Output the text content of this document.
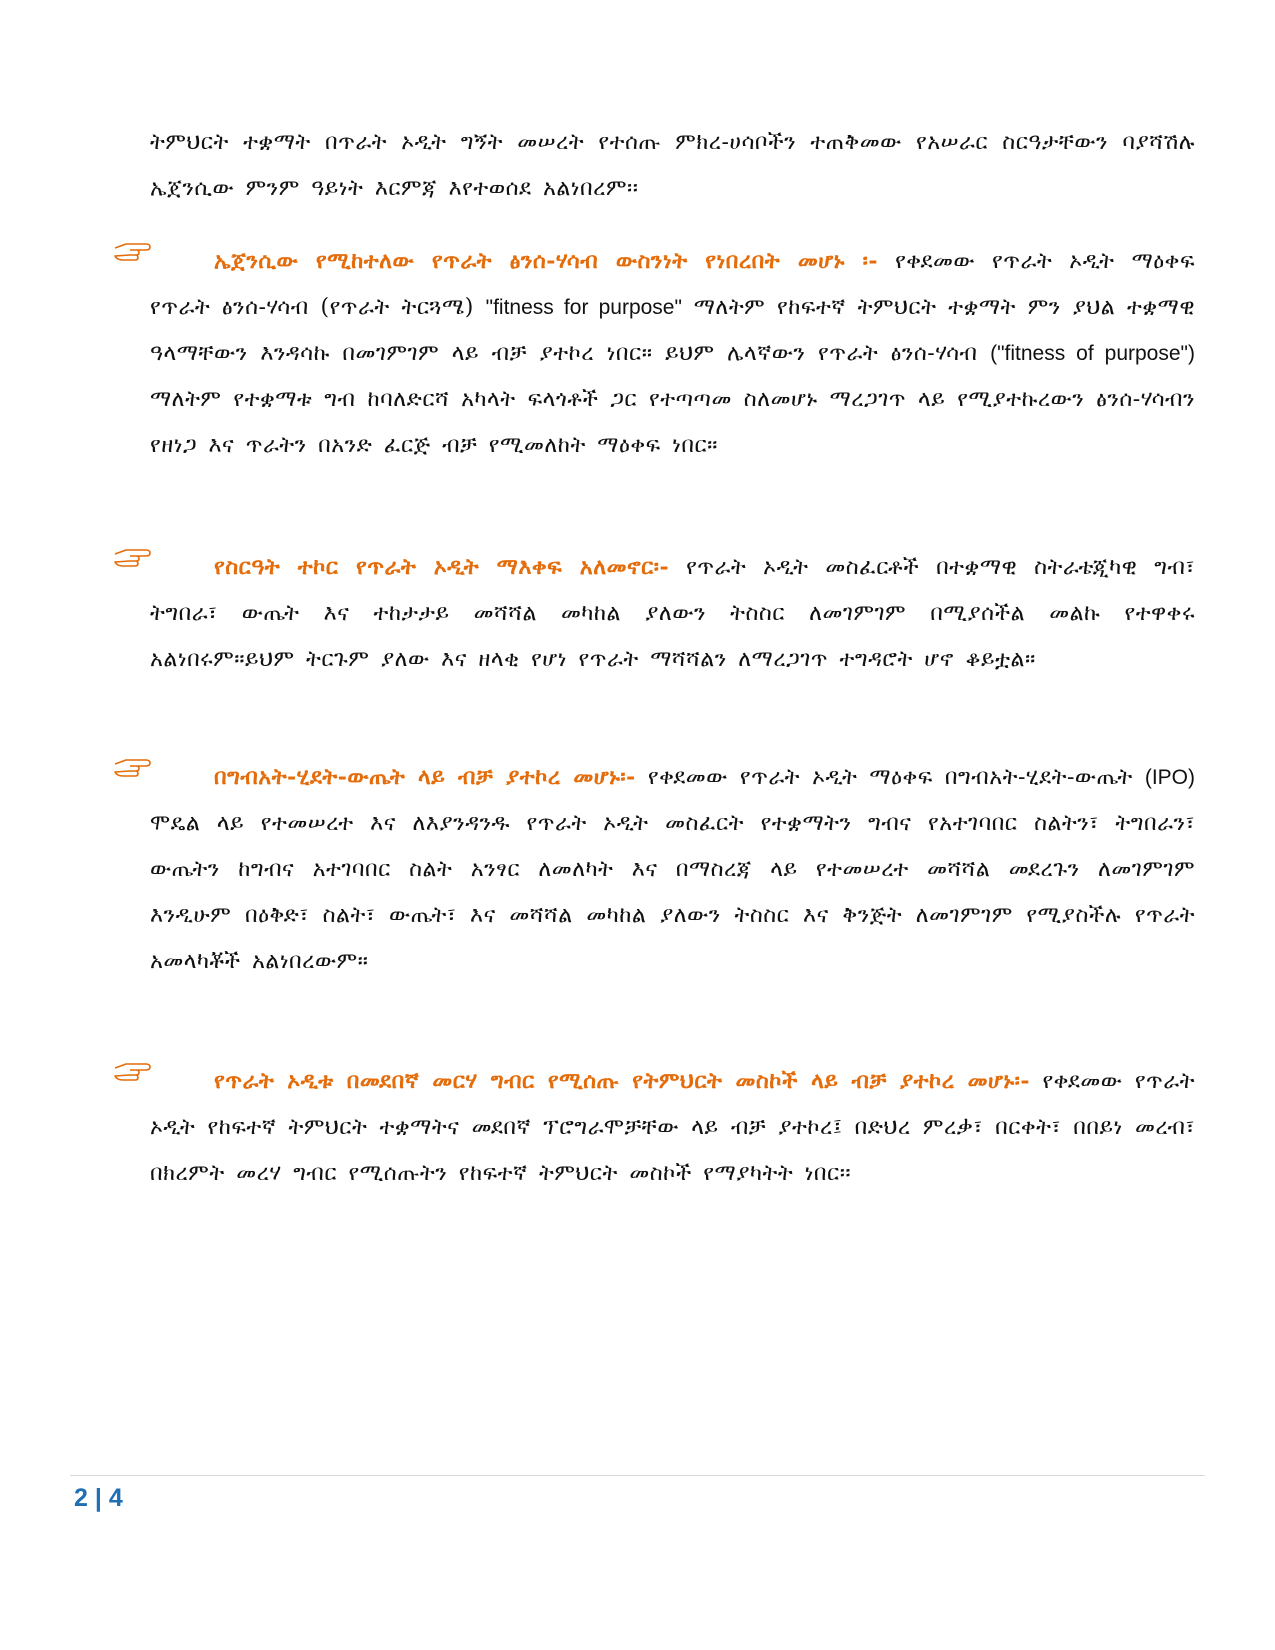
ትምህርት ተቋማት በጥራት ኦዲት ግኝት መሠረት የተሰጡ ምክረ-ሀሳቦችን ተጠቅመው የአሠራር ስርዓታቸውን ባያሻሽሉ ኤጀንሲው ምንም ዓይነት እርምጃ እየተወሰደ አልነበረም፡፡

ኤጀንሲው የሚከተለው የጥራት ፅንሰ-ሃሳብ ውስንነት የነበረበት መሆኑ ፡- የቀደመው የጥራት ኦዲት ማዕቀፍ የጥራት ፅንሰ-ሃሳብ (የጥራት ትርጓሜ) "fitness for purpose" ማለትም የከፍተኛ ትምህርት ተቋማት ምን ያህል ተቋማዊ ዓላማቸውን እንዳሳኩ በመገምገም ላይ ብቻ ያተኮረ ነበር። ይህም ሌላኛውን የጥራት ፅንሰ-ሃሳብ ("fitness of purpose") ማለትም የተቋማቱ ግብ ከባለድርሻ አካላት ፍላጎቶች ጋር የተጣጣመ ስለመሆኑ ማረጋገጥ ላይ የሚያተኩረውን ፅንሰ-ሃሳብን የዘነጋ እና ጥራትን በአንድ ፈርጅ ብቻ የሚመለከት ማዕቀፍ ነበር።

የስርዓት ተኮር የጥራት ኦዲት ማእቀፍ አለመኖር፡- የጥራት ኦዲት መስፈርቶች በተቋማዊ ስትራቴጂካዊ ግብ፣ ትግበራ፣ ውጤት እና ተከታታይ መሻሻል መካከል ያለውን ትስስር ለመገምገም በሚያሰችል መልኩ የተዋቀሩ አልነበሩም።ይህም ትርጉም ያለው እና ዘላቂ የሆነ የጥራት ማሻሻልን ለማረጋገጥ ተግዳሮት ሆኖ ቆይቷል።

በግብአት-ሂደት-ውጤት ላይ ብቻ ያተኮረ መሆኑ፡- የቀደመው የጥራት ኦዲት ማዕቀፍ በግብአት-ሂደት-ውጤት (IPO) ሞዴል ላይ የተመሠረተ እና ለእያንዳንዱ የጥራት ኦዲት መስፈርት የተቋማትን ግብና የአተገባበር ስልትን፣ ትግበራን፣ ውጤትን ከግብና አተገባበር ስልት አንፃር ለመለካት እና በማስረጃ ላይ የተመሠረተ መሻሻል መደረጉን ለመገምገም እንዲሁም በዕቅድ፣ ስልት፣ ውጤት፣ እና መሻሻል መካከል ያለውን ትስስር እና ቅንጅት ለመገምገም የሚያስችሉ የጥራት አመላካቾች አልነበረውም።

የጥራት ኦዲቱ በመደበኛ መርሃ ግብር የሚሰጡ የትምህርት መስኮች ላይ ብቻ ያተኮረ መሆኑ፡- የቀደመው የጥራት ኦዲት የከፍተኛ ትምህርት ተቋማትና መደበኛ ፕሮግራሞቻቸው ላይ ብቻ ያተኮረ፤ በድህረ ምረቃ፣ በርቀት፣ በበይነ መረብ፣ በክረምት መረሃ ግብር የሚሰጡትን የከፍተኛ ትምህርት መስኮች የማያካትት ነበር፡፡

2 | 4
